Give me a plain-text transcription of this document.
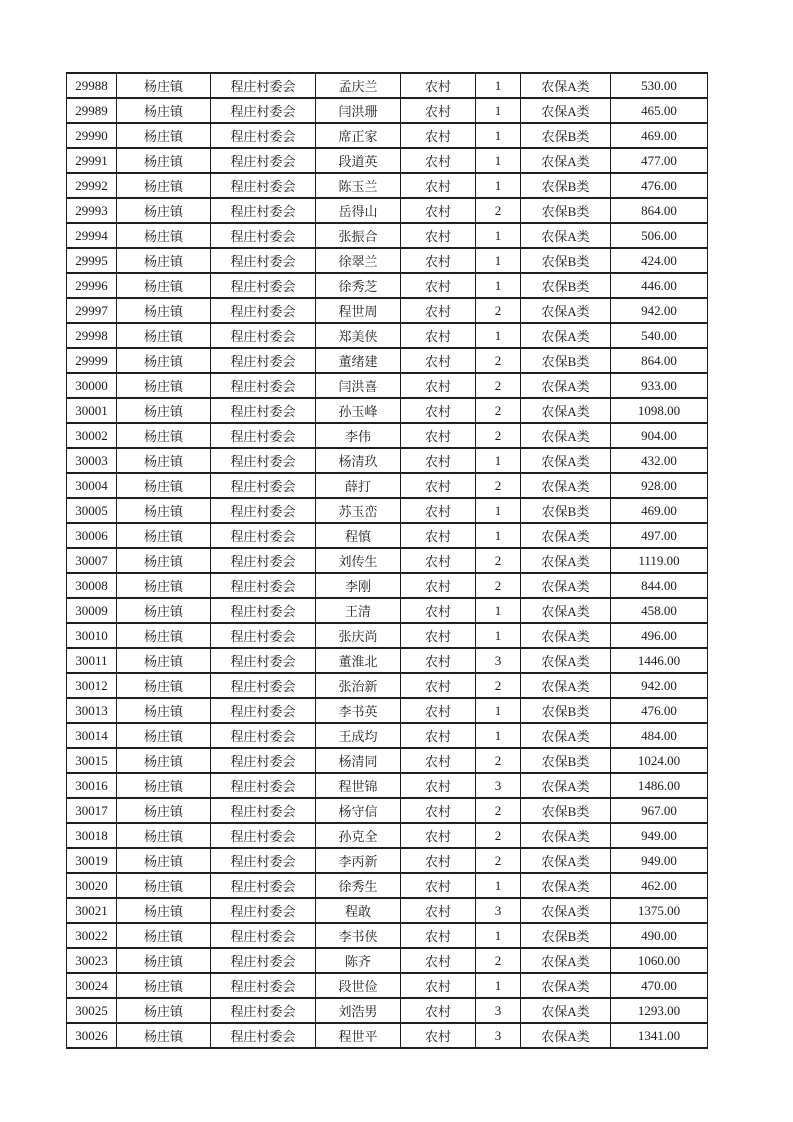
29988	杨庄镇	程庄村委会	孟庆兰	农村	1	农保A类	530.00
29989	杨庄镇	程庄村委会	闫洪珊	农村	1	农保A类	465.00
29990	杨庄镇	程庄村委会	席正家	农村	1	农保B类	469.00
29991	杨庄镇	程庄村委会	段道英	农村	1	农保A类	477.00
29992	杨庄镇	程庄村委会	陈玉兰	农村	1	农保B类	476.00
29993	杨庄镇	程庄村委会	岳得山	农村	2	农保B类	864.00
29994	杨庄镇	程庄村委会	张振合	农村	1	农保A类	506.00
29995	杨庄镇	程庄村委会	徐翠兰	农村	1	农保B类	424.00
29996	杨庄镇	程庄村委会	徐秀芝	农村	1	农保B类	446.00
29997	杨庄镇	程庄村委会	程世周	农村	2	农保A类	942.00
29998	杨庄镇	程庄村委会	郑美侠	农村	1	农保A类	540.00
29999	杨庄镇	程庄村委会	董绪建	农村	2	农保B类	864.00
30000	杨庄镇	程庄村委会	闫洪喜	农村	2	农保A类	933.00
30001	杨庄镇	程庄村委会	孙玉峰	农村	2	农保A类	1098.00
30002	杨庄镇	程庄村委会	李伟	农村	2	农保A类	904.00
30003	杨庄镇	程庄村委会	杨清玖	农村	1	农保A类	432.00
30004	杨庄镇	程庄村委会	薛打	农村	2	农保A类	928.00
30005	杨庄镇	程庄村委会	苏玉峦	农村	1	农保B类	469.00
30006	杨庄镇	程庄村委会	程慎	农村	1	农保A类	497.00
30007	杨庄镇	程庄村委会	刘传生	农村	2	农保A类	1119.00
30008	杨庄镇	程庄村委会	李刚	农村	2	农保A类	844.00
30009	杨庄镇	程庄村委会	王清	农村	1	农保A类	458.00
30010	杨庄镇	程庄村委会	张庆尚	农村	1	农保A类	496.00
30011	杨庄镇	程庄村委会	董淮北	农村	3	农保A类	1446.00
30012	杨庄镇	程庄村委会	张治新	农村	2	农保A类	942.00
30013	杨庄镇	程庄村委会	李书英	农村	1	农保B类	476.00
30014	杨庄镇	程庄村委会	王成均	农村	1	农保A类	484.00
30015	杨庄镇	程庄村委会	杨清同	农村	2	农保B类	1024.00
30016	杨庄镇	程庄村委会	程世锦	农村	3	农保A类	1486.00
30017	杨庄镇	程庄村委会	杨守信	农村	2	农保B类	967.00
30018	杨庄镇	程庄村委会	孙克全	农村	2	农保A类	949.00
30019	杨庄镇	程庄村委会	李丙新	农村	2	农保A类	949.00
30020	杨庄镇	程庄村委会	徐秀生	农村	1	农保A类	462.00
30021	杨庄镇	程庄村委会	程敢	农村	3	农保A类	1375.00
30022	杨庄镇	程庄村委会	李书侠	农村	1	农保B类	490.00
30023	杨庄镇	程庄村委会	陈齐	农村	2	农保A类	1060.00
30024	杨庄镇	程庄村委会	段世俭	农村	1	农保A类	470.00
30025	杨庄镇	程庄村委会	刘浩男	农村	3	农保A类	1293.00
30026	杨庄镇	程庄村委会	程世平	农村	3	农保A类	1341.00
